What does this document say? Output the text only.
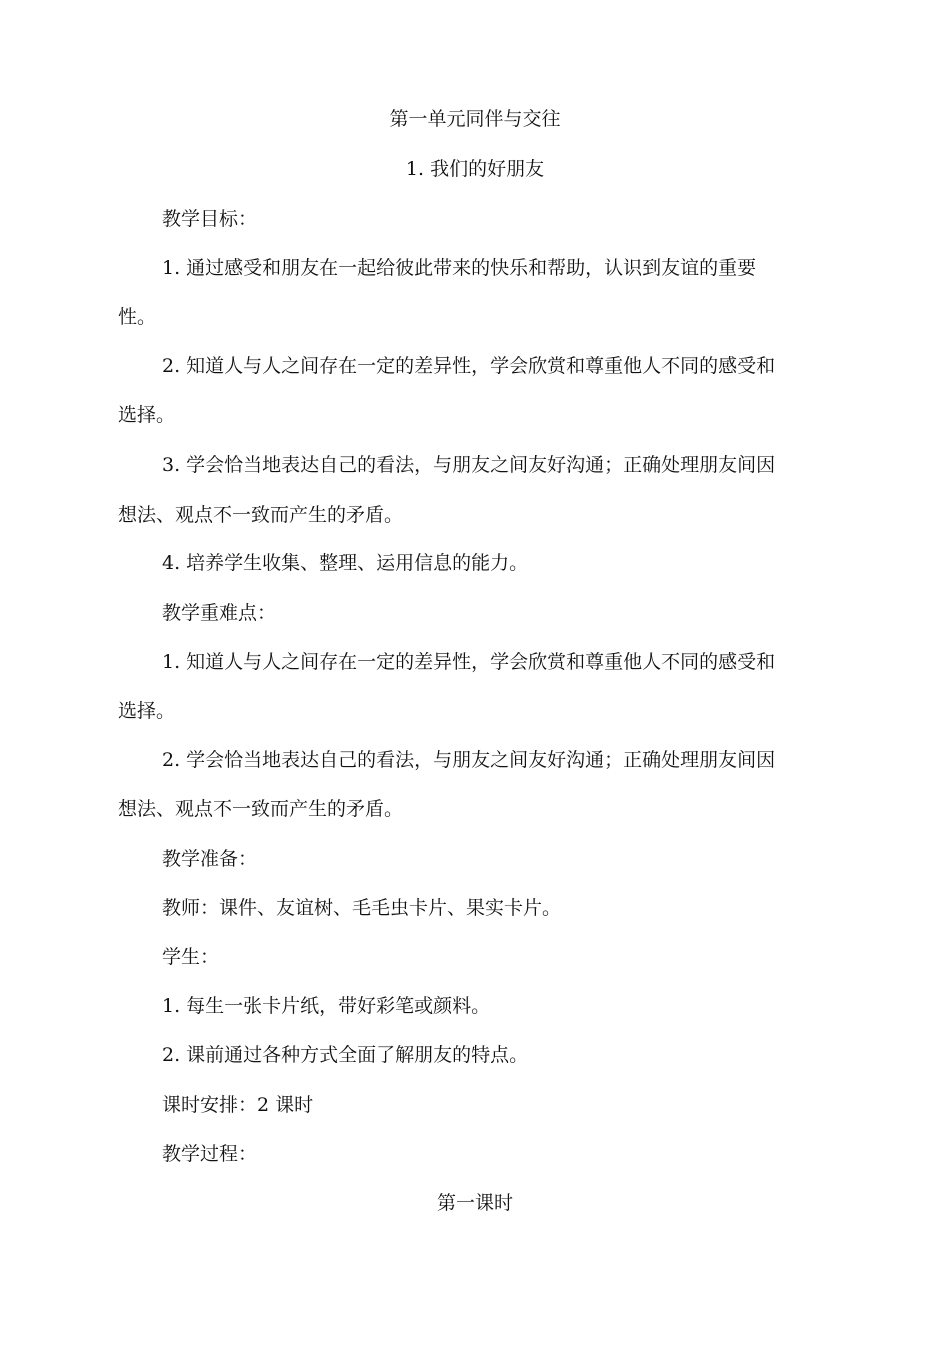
第一单元同伴与交往
1. 我们的好朋友
教学目标：
1. 通过感受和朋友在一起给彼此带来的快乐和帮助，认识到友谊的重要
性。
2. 知道人与人之间存在一定的差异性，学会欣赏和尊重他人不同的感受和
选择。
3. 学会恰当地表达自己的看法，与朋友之间友好沟通；正确处理朋友间因
想法、观点不一致而产生的矛盾。
4. 培养学生收集、整理、运用信息的能力。
教学重难点：
1. 知道人与人之间存在一定的差异性，学会欣赏和尊重他人不同的感受和
选择。
2. 学会恰当地表达自己的看法，与朋友之间友好沟通；正确处理朋友间因
想法、观点不一致而产生的矛盾。
教学准备：
教师：课件、友谊树、毛毛虫卡片、果实卡片。
学生：
1. 每生一张卡片纸，带好彩笔或颜料。
2. 课前通过各种方式全面了解朋友的特点。
课时安排：2 课时
教学过程：
第一课时
